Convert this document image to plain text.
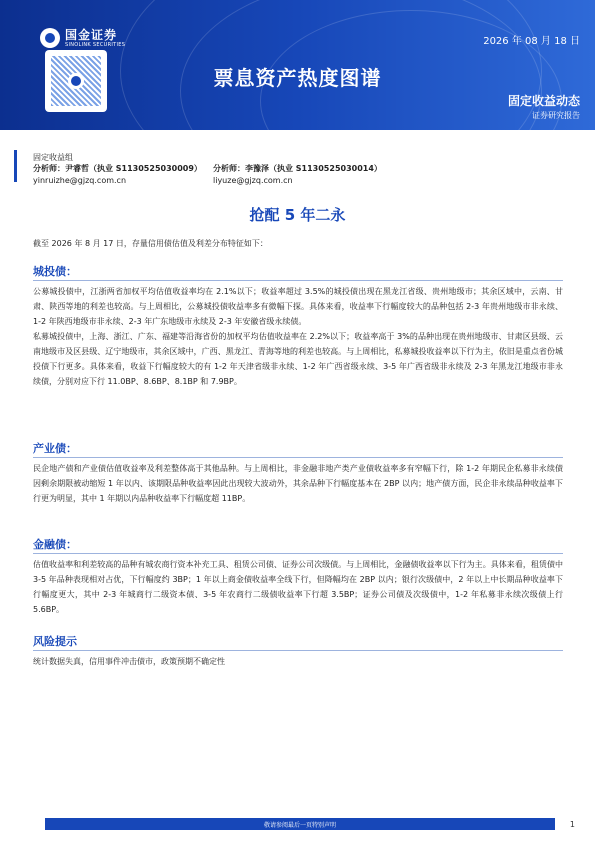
国金证券
SINOLINK SECURITIES	2026 年 08 月 18 日
票息资产热度图谱
固定收益动态
证券研究报告
固定收益组
分析师：尹睿哲（执业 S1130525030009）	分析师：李豫泽（执业 S1130525030014）
yinruizhe@gjzq.com.cn	liyuze@gjzq.com.cn
抢配 5 年二永
截至 2026 年 8 月 17 日，存量信用债估值及利差分布特征如下：
城投债：

公募城投债中，江浙两省加权平均估值收益率均在 2.1%以下；收益率超过 3.5%的城投债出现在黑龙江省级、贵州地级市；其余区域中，云南、甘肃、陕西等地的利差也较高。与上周相比，公募城投债收益率多有微幅下探。具体来看，收益率下行幅度较大的品种包括 2-3 年贵州地级市非永续、1-2 年陕西地级市非永续、2-3 年广东地级市永续及 2-3 年安徽省级永续债。

私募城投债中，上海、浙江、广东、福建等沿海省份的加权平均估值收益率在 2.2%以下；收益率高于 3%的品种出现在贵州地级市、甘肃区县级、云南地级市及区县级、辽宁地级市，其余区域中，广西、黑龙江、青海等地的利差也较高。与上周相比，私募城投收益率以下行为主，依旧是重点省份城投债下行更多。具体来看，收益下行幅度较大的有 1-2 年天津省级非永续、1-2 年广西省级永续、3-5 年广西省级非永续及 2-3 年黑龙江地级市非永续债，分别对应下行 11.0BP、8.6BP、8.1BP 和 7.9BP。

产业债：

民企地产债和产业债估值收益率及利差整体高于其他品种。与上周相比，非金融非地产类产业债收益率多有窄幅下行，除 1-2 年期民企私募非永续债因剩余期限被动缩短 1 年以内、该期限品种收益率因此出现较大波动外，其余品种下行幅度基本在 2BP 以内；地产债方面，民企非永续品种收益率下行更为明显，其中 1 年期以内品种收益率下行幅度超 11BP。

金融债：

估值收益率和利差较高的品种有城农商行资本补充工具、租赁公司债、证券公司次级债。与上周相比，金融债收益率以下行为主。具体来看，租赁债中 3-5 年品种表现相对占优，下行幅度约 3BP；1 年以上商金债收益率全线下行，但降幅均在 2BP 以内；银行次级债中，2 年以上中长期品种收益率下行幅度更大，其中 2-3 年城商行二级资本债、3-5 年农商行二级债收益率下行超 3.5BP；证券公司债及次级债中，1-2 年私募非永续次级债上行 5.6BP。

风险提示

统计数据失真，信用事件冲击债市，政策预期不确定性

敬请参阅最后一页特别声明	1
